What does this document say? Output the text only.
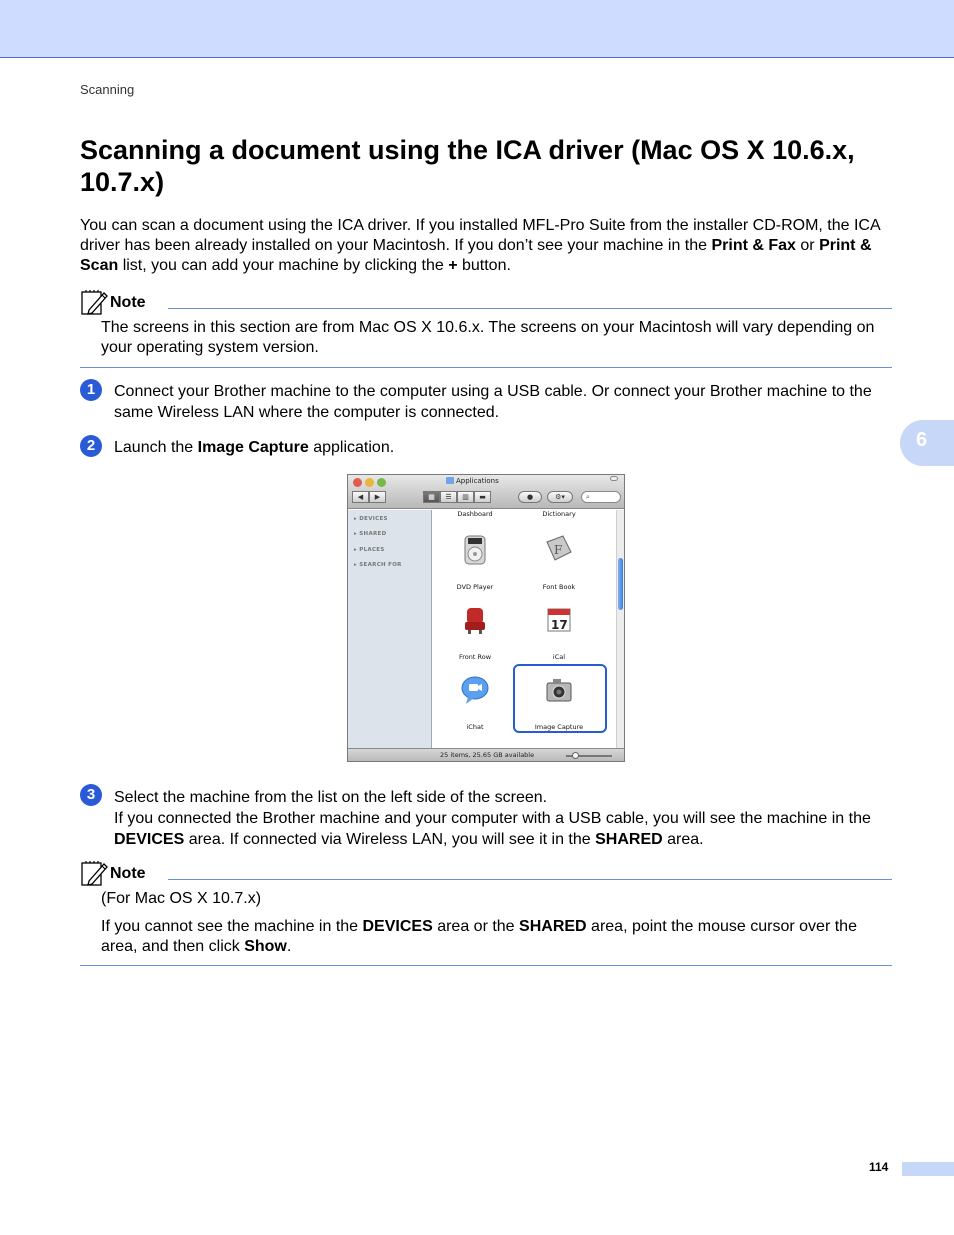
Scanning
6
Scanning a document using the ICA driver (Mac OS X 10.6.x, 10.7.x)

You can scan a document using the ICA driver. If you installed MFL-Pro Suite from the installer CD-ROM, the ICA driver has been already installed on your Macintosh. If you don’t see your machine in the Print & Fax or Print & Scan list, you can add your machine by clicking the + button.

Note

The screens in this section are from Mac OS X 10.6.x. The screens on your Macintosh will vary depending on your operating system version.

1	Connect your Brother machine to the computer using a USB cable. Or connect your Brother machine to the same Wireless LAN where the computer is connected.

2	Launch the Image Capture application.

Applications
◀	▶	▦	☰	▥	▬	●	⚙▾	⌕
▸ DEVICES
▸ SHARED
▸ PLACES
▸ SEARCH FOR
Dashboard	Dictionary
DVD Player
F
Font Book
Front Row
17
iCal
iChat	Image Capture
25 items, 25.65 GB available
3	Select the machine from the list on the left side of the screen.

If you connected the Brother machine and your computer with a USB cable, you will see the machine in the DEVICES area. If connected via Wireless LAN, you will see it in the SHARED area.

Note

(For Mac OS X 10.7.x)

If you cannot see the machine in the DEVICES area or the SHARED area, point the mouse cursor over the area, and then click Show.

114
